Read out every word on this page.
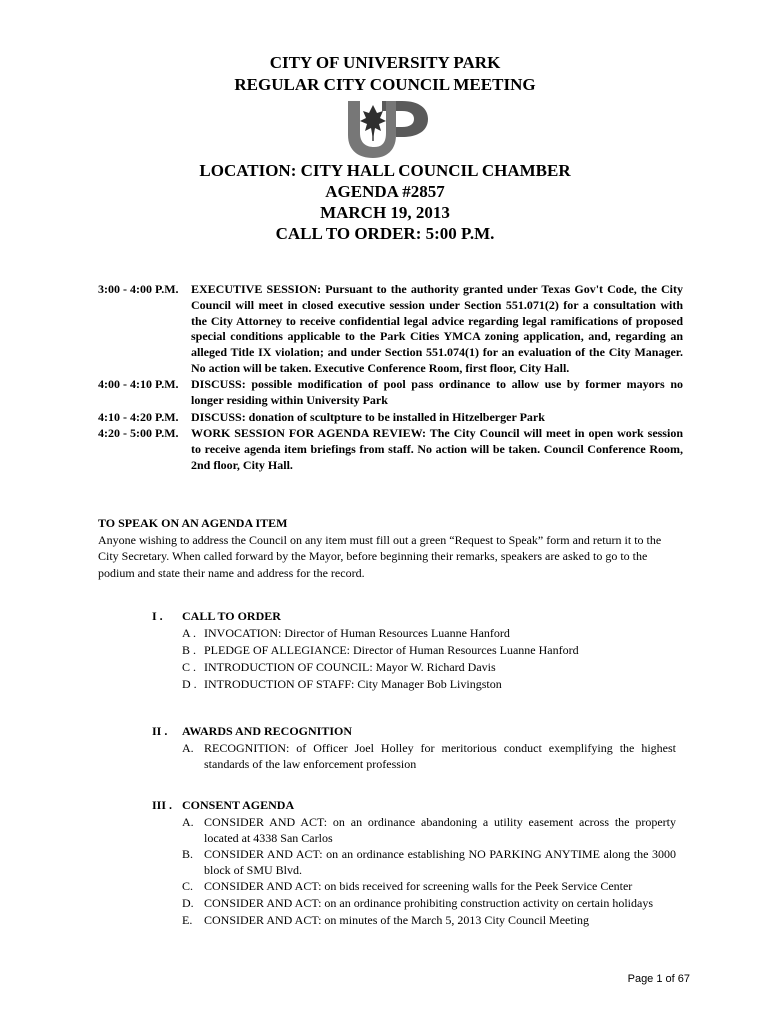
CITY OF UNIVERSITY PARK
REGULAR CITY COUNCIL MEETING
LOCATION: CITY HALL COUNCIL CHAMBER
AGENDA #2857
MARCH 19, 2013
CALL TO ORDER: 5:00 P.M.
3:00 - 4:00 P.M.	EXECUTIVE SESSION: Pursuant to the authority granted under Texas Gov't Code, the City Council will meet in closed executive session under Section 551.071(2) for a consultation with the City Attorney to receive confidential legal advice regarding legal ramifications of proposed special conditions applicable to the Park Cities YMCA zoning application, and, regarding an alleged Title IX violation; and under Section 551.074(1) for an evaluation of the City Manager. No action will be taken. Executive Conference Room, first floor, City Hall.
4:00 - 4:10 P.M.	DISCUSS: possible modification of pool pass ordinance to allow use by former mayors no longer residing within University Park
4:10 - 4:20 P.M.	DISCUSS: donation of scultpture to be installed in Hitzelberger Park
4:20 - 5:00 P.M.	WORK SESSION FOR AGENDA REVIEW: The City Council will meet in open work session to receive agenda item briefings from staff. No action will be taken. Council Conference Room, 2nd floor, City Hall.
TO SPEAK ON AN AGENDA ITEM
Anyone wishing to address the Council on any item must fill out a green “Request to Speak” form and return it to the City Secretary. When called forward by the Mayor, before beginning their remarks, speakers are asked to go to the podium and state their name and address for the record.
I .	CALL TO ORDER
A . INVOCATION: Director of Human Resources Luanne Hanford
B . PLEDGE OF ALLEGIANCE: Director of Human Resources Luanne Hanford
C . INTRODUCTION OF COUNCIL: Mayor W. Richard Davis
D . INTRODUCTION OF STAFF: City Manager Bob Livingston
II .	AWARDS AND RECOGNITION
A. RECOGNITION: of Officer Joel Holley for meritorious conduct exemplifying the highest standards of the law enforcement profession
III . CONSENT AGENDA
A. CONSIDER AND ACT: on an ordinance abandoning a utility easement across the property located at 4338 San Carlos
B. CONSIDER AND ACT: on an ordinance establishing NO PARKING ANYTIME along the 3000 block of SMU Blvd.
C. CONSIDER AND ACT: on bids received for screening walls for the Peek Service Center
D. CONSIDER AND ACT: on an ordinance prohibiting construction activity on certain holidays
E. CONSIDER AND ACT: on minutes of the March 5, 2013 City Council Meeting
Page 1 of 67
